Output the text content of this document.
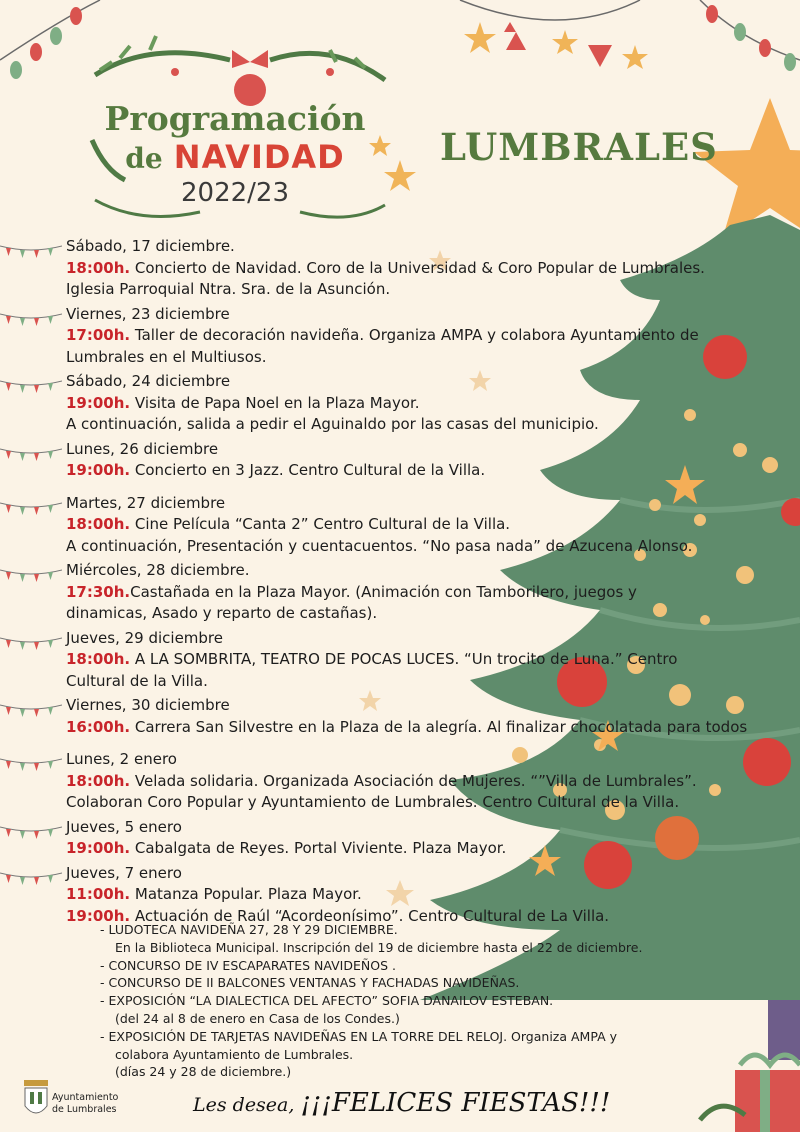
Programación
de NAVIDAD
2022/23
LUMBRALES
Sábado, 17 diciembre.
18:00h. Concierto de Navidad. Coro de la Universidad & Coro Popular de Lumbrales.
Iglesia Parroquial Ntra. Sra. de la Asunción.
Viernes, 23 diciembre
17:00h. Taller de decoración navideña. Organiza AMPA y colabora Ayuntamiento de
Lumbrales en el Multiusos.
Sábado, 24 diciembre
19:00h. Visita de Papa Noel en la Plaza Mayor.
A continuación, salida a pedir el Aguinaldo por las casas del municipio.
Lunes, 26 diciembre
19:00h. Concierto en 3 Jazz. Centro Cultural de la Villa.
Martes, 27 diciembre
18:00h. Cine Película “Canta 2” Centro Cultural de la Villa.
A continuación, Presentación y cuentacuentos. “No pasa nada” de Azucena Alonso.
Miércoles, 28 diciembre.
17:30h.Castañada en la Plaza Mayor. (Animación con Tamborilero, juegos y
dinamicas, Asado y reparto de castañas).
Jueves, 29 diciembre
18:00h. A LA SOMBRITA, TEATRO DE POCAS LUCES. “Un trocito de Luna.” Centro
Cultural de la Villa.
Viernes, 30 diciembre
16:00h. Carrera San Silvestre en la Plaza de la alegría. Al finalizar chocolatada para todos
Lunes, 2 enero
18:00h. Velada solidaria. Organizada Asociación de Mujeres. “”Villa de Lumbrales”.
Colaboran Coro Popular y Ayuntamiento de Lumbrales. Centro Cultural de la Villa.
Jueves, 5 enero
19:00h. Cabalgata de Reyes. Portal Viviente. Plaza Mayor.
Jueves, 7 enero
11:00h. Matanza Popular. Plaza Mayor.
19:00h. Actuación de Raúl “Acordeonísimo”. Centro Cultural de La Villa.
- LUDOTECA NAVIDEÑA 27, 28 Y 29 DICIEMBRE.
En la Biblioteca Municipal. Inscripción del 19 de diciembre hasta el 22 de diciembre.
- CONCURSO DE IV ESCAPARATES NAVIDEÑOS .
- CONCURSO DE II BALCONES VENTANAS Y FACHADAS NAVIDEÑAS.
- EXPOSICIÓN “LA DIALECTICA DEL AFECTO” SOFIA DANAILOV ESTEBAN.
(del 24 al 8 de enero en Casa de los Condes.)
- EXPOSICIÓN DE TARJETAS NAVIDEÑAS EN LA TORRE DEL RELOJ. Organiza AMPA y
colabora Ayuntamiento de Lumbrales.
(días 24 y 28 de diciembre.)
Ayuntamiento
de Lumbrales	Les desea, ¡¡¡FELICES FIESTAS!!!
